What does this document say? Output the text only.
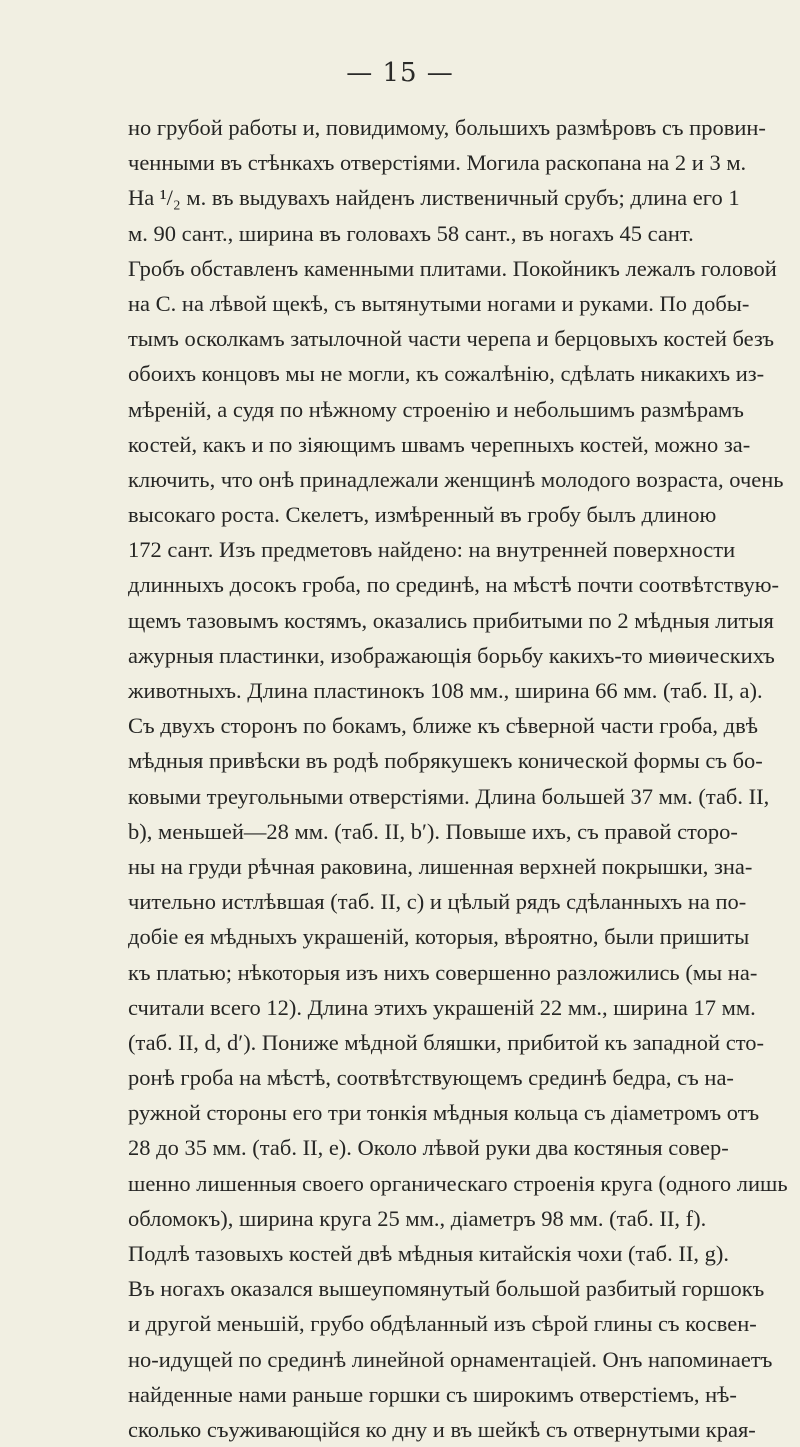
— 15 —
но грубой работы и, повидимому, большихъ размѣровъ съ провин-
ченными въ стѣнкахъ отверстіями. Могила раскопана на 2 и 3 м.
На ¹/₂ м. въ выдувахъ найденъ лиственичный срубъ; длина его 1
м. 90 сант., ширина въ головахъ 58 сант., въ ногахъ 45 сант.
Гробъ обставленъ каменными плитами. Покойникъ лежалъ головой
на С. на лѣвой щекѣ, съ вытянутыми ногами и руками. По добы-
тымъ осколкамъ затылочной части черепа и берцовыхъ костей безъ
обоихъ концовъ мы не могли, къ сожалѣнію, сдѣлать никакихъ из-
мѣреній, а судя по нѣжному строенію и небольшимъ размѣрамъ
костей, какъ и по зіяющимъ швамъ черепныхъ костей, можно за-
ключить, что онѣ принадлежали женщинѣ молодого возраста, очень
высокаго роста. Скелетъ, измѣренный въ гробу былъ длиною
172 сант. Изъ предметовъ найдено: на внутренней поверхности
длинныхъ досокъ гроба, по срединѣ, на мѣстѣ почти соотвѣтствую-
щемъ тазовымъ костямъ, оказались прибитыми по 2 мѣдныя литыя
ажурныя пластинки, изображающія борьбу какихъ-то миѳическихъ
животныхъ. Длина пластинокъ 108 мм., ширина 66 мм. (таб. II, a).
Съ двухъ сторонъ по бокамъ, ближе къ сѣверной части гроба, двѣ
мѣдныя привѣски въ родѣ побрякушекъ конической формы съ бо-
ковыми треугольными отверстіями. Длина большей 37 мм. (таб. II,
b), меньшей—28 мм. (таб. II, b′). Повыше ихъ, съ правой сторо-
ны на груди рѣчная раковина, лишенная верхней покрышки, зна-
чительно истлѣвшая (таб. II, c) и цѣлый рядъ сдѣланныхъ на по-
добіе ея мѣдныхъ украшеній, которыя, вѣроятно, были пришиты
къ платью; нѣкоторыя изъ нихъ совершенно разложились (мы на-
считали всего 12). Длина этихъ украшеній 22 мм., ширина 17 мм.
(таб. II, d, d′). Пониже мѣдной бляшки, прибитой къ западной сто-
ронѣ гроба на мѣстѣ, соотвѣтствующемъ срединѣ бедра, съ на-
ружной стороны его три тонкія мѣдныя кольца съ діаметромъ отъ
28 до 35 мм. (таб. II, e). Около лѣвой руки два костяныя совер-
шенно лишенныя своего органическаго строенія круга (одного лишь
обломокъ), ширина круга 25 мм., діаметръ 98 мм. (таб. II, f).
Подлѣ тазовыхъ костей двѣ мѣдныя китайскія чохи (таб. II, g).
Въ ногахъ оказался вышеупомянутый большой разбитый горшокъ
и другой меньшій, грубо обдѣланный изъ сѣрой глины съ косвен-
но-идущей по срединѣ линейной орнаментаціей. Онъ напоминаетъ
найденные нами раньше горшки съ широкимъ отверстіемъ, нѣ-
сколько съуживающійся ко дну и въ шейкѣ съ отвернутыми края-
